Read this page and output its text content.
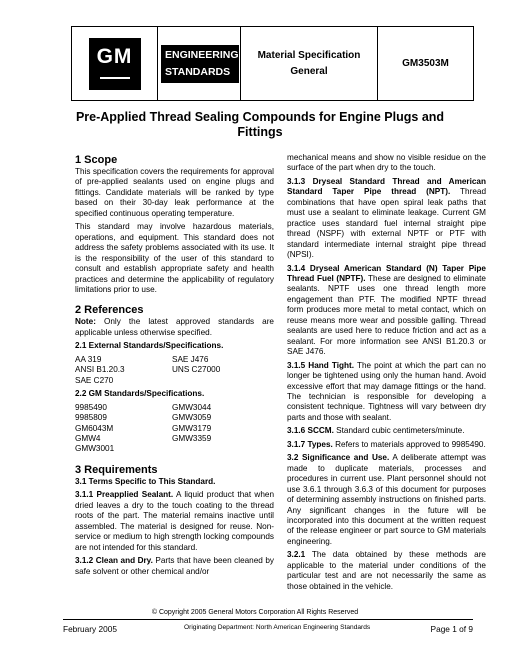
GM	ENGINEERING
STANDARDS
Material Specification
General
GM3503M
Pre-Applied Thread Sealing Compounds for Engine Plugs and Fittings
1 Scope

This specification covers the requirements for approval of pre-applied sealants used on engine plugs and fittings. Candidate materials will be ranked by type based on their 30-day leak performance at the specified continuous operating temperature.

This standard may involve hazardous materials, operations, and equipment. This standard does not address the safety problems associated with its use. It is the responsibility of the user of this standard to consult and establish appropriate safety and health practices and determine the applicability of regulatory limitations prior to use.

2 References

Note: Only the latest approved standards are applicable unless otherwise specified.

2.1 External Standards/Specifications.
AA 319	SAE J476
ANSI B1.20.3	UNS C27000
SAE C270
2.2 GM Standards/Specifications.
9985490	GMW3044
9985809	GMW3059
GM6043M	GMW3179
GMW4	GMW3359
GMW3001
3 Requirements
3.1 Terms Specific to This Standard.

3.1.1 Preapplied Sealant. A liquid product that when dried leaves a dry to the touch coating to the thread roots of the part. The material remains inactive until assembled. The material is designed for reuse. Non-service or medium to high strength locking compounds are not intended for this standard.

3.1.2 Clean and Dry. Parts that have been cleaned by safe solvent or other chemical and/or

mechanical means and show no visible residue on the surface of the part when dry to the touch.

3.1.3 Dryseal Standard Thread and American Standard Taper Pipe thread (NPT). Thread combinations that have open spiral leak paths that must use a sealant to eliminate leakage. Current GM practice uses standard fuel internal straight pipe thread (NSPF) with external NPTF or PTF with standard intermediate internal straight pipe thread (NPSI).

3.1.4 Dryseal American Standard (N) Taper Pipe Thread Fuel (NPTF). These are designed to eliminate sealants. NPTF uses one thread length more engagement than PTF. The modified NPTF thread form produces more metal to metal contact, which on reuse means more wear and possible galling. Thread sealants are used here to reduce friction and act as a sealant. For more information see ANSI B1.20.3 or SAE J476.

3.1.5 Hand Tight. The point at which the part can no longer be tightened using only the human hand. Avoid excessive effort that may damage fittings or the hand. The technician is responsible for developing a consistent technique. Tightness will vary between dry parts and those with sealant.

3.1.6 SCCM. Standard cubic centimeters/minute.

3.1.7 Types. Refers to materials approved to 9985490.

3.2 Significance and Use. A deliberate attempt was made to duplicate materials, processes and procedures in current use. Plant personnel should not use 3.6.1 through 3.6.3 of this document for purposes of determining assembly instructions on finished parts. Any significant changes in the future will be incorporated into this document at the written request of the release engineer or part source to GM materials engineering.

3.2.1 The data obtained by these methods are applicable to the material under conditions of the particular test and are not necessarily the same as those obtained in the vehicle.

© Copyright 2005 General Motors Corporation All Rights Reserved
February 2005	Originating Department: North American Engineering Standards	Page 1 of 9
